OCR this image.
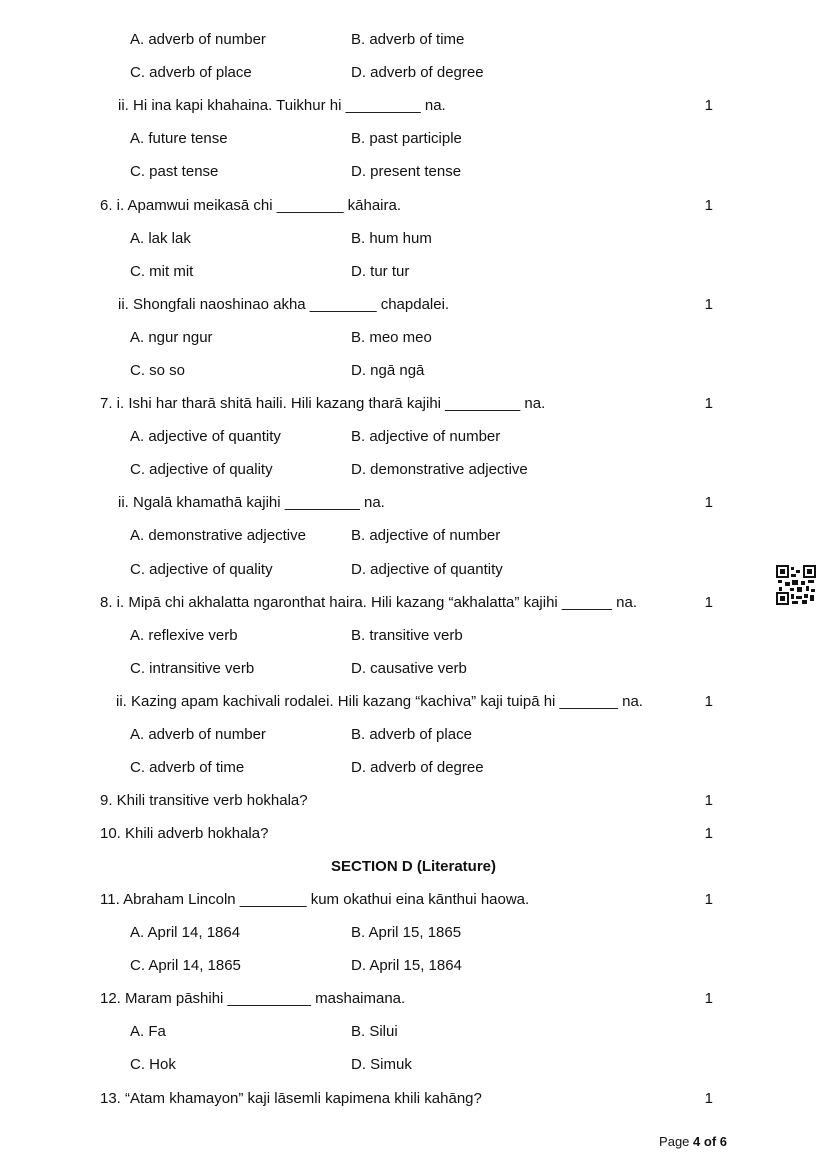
A. adverb of number	B. adverb of time
C. adverb of place	D. adverb of degree
ii. Hi ina kapi khahaina. Tuikhur hi _________ na.	1
A. future tense	B. past participle
C. past tense	D. present tense
6. i. Apamwui meikasā chi ________ kāhaira.	1
A. lak lak	B. hum hum
C. mit mit	D. tur tur
ii. Shongfali naoshinao akha ________ chapdalei.	1
A. ngur ngur	B. meo meo
C. so so	D. ngā ngā
7. i. Ishi har tharā shitā haili. Hili kazang tharā kajihi _________ na.	1
A. adjective of quantity	B. adjective of number
C. adjective of quality	D. demonstrative adjective
ii. Ngalā khamathā kajihi _________ na.	1
A. demonstrative adjective	B. adjective of number
C. adjective of quality	D. adjective of quantity
8. i. Mipā chi akhalatta ngaronthat haira. Hili kazang “akhalatta” kajihi ______ na.	1
A. reflexive verb	B. transitive verb
C. intransitive verb	D. causative verb
ii. Kazing apam kachivali rodalei. Hili kazang “kachiva” kaji tuipā hi _______ na.	1
A. adverb of number	B. adverb of place
C. adverb of time	D. adverb of degree
9. Khili transitive verb hokhala?	1
10. Khili adverb hokhala?	1
SECTION D (Literature)
11. Abraham Lincoln ________ kum okathui eina kānthui haowa.	1
A. April 14, 1864	B. April 15, 1865
C. April 14, 1865	D. April 15, 1864
12. Maram pāshihi __________ mashaimana.	1
A. Fa	B. Silui
C. Hok	D. Simuk
13. “Atam khamayon” kaji lāsemli kapimena khili kahāng?	1
Page 4 of 6
